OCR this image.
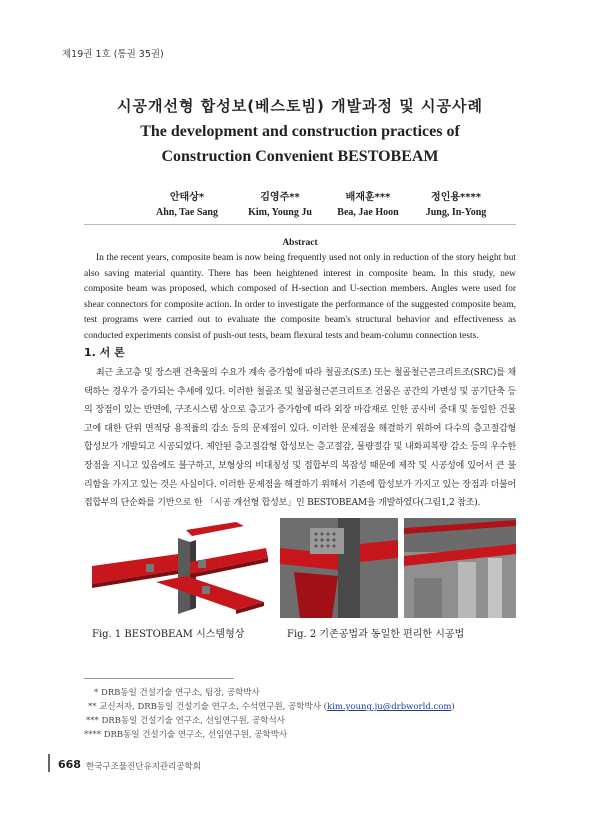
제19권 1호 (통권 35권)
시공개선형 합성보(베스토빔) 개발과정 및 시공사례
The development and construction practices of
Construction Convenient BESTOBEAM
안태상*
Ahn, Tae Sang
김영주**
Kim, Young Ju
배재훈***
Bea, Jae Hoon
정인용****
Jung, In-Yong
Abstract
In the recent years, composite beam is now being frequently used not only in reduction of the story height but also saving material quantity. There has been heightened interest in composite beam. In this study, new composite beam was proposed, which composed of H-section and U-section members. Angles were used for shear connectors for composite action. In order to investigate the performance of the suggested composite beam, test programs were carried out to evaluate the composite beam's structural behavior and effectiveness as conducted experiments consist of push-out tests, beam flexural tests and beam-column connection tests.
1. 서 론
최근 초고층 및 장스팬 건축물의 수요가 계속 증가함에 따라 철골조(S조) 또는 철골철근콘크리트조(SRC)를 채택하는 경우가 증가되는 추세에 있다. 이러한 철골조 및 철골철근콘크리트조 건물은 공간의 가변성 및 공기단축 등의 장점이 있는 반면에, 구조시스템 상으로 층고가 증가함에 따라 외장 마감재로 인한 공사비 증대 및 동일한 건물고에 대한 단위 면적당 용적률의 감소 등의 문제점이 있다. 이러한 문제점을 해결하기 위하여 다수의 층고절감형 합성보가 개발되고 시공되었다. 제안된 층고절감형 합성보는 층고절감, 물량절감 및 내화피복량 감소 등의 우수한 장점을 지니고 있음에도 불구하고, 보형상의 비대칭성 및 접합부의 복잡성 때문에 제작 및 시공성에 있어서 큰 불리함을 가지고 있는 것은 사실이다. 이러한 문제점을 해결하기 위해서 기존에 합성보가 가지고 있는 장점과 더불어 접합부의 단순화를 기반으로 한 「시공 개선형 합성보」인 BESTOBEAM을 개발하였다(그림1,2 참조).
Fig. 1 BESTOBEAM 시스템형상	Fig. 2 기존공법과 동일한 편리한 시공법
* DRB동일 건설기술 연구소, 팀장, 공학박사
** 교신저자, DRB동일 건설기술 연구소, 수석연구원, 공학박사 (kim.young.ju@drbworld.com)
*** DRB동일 건설기술 연구소, 선임연구원, 공학석사
**** DRB동일 건설기술 연구소, 선임연구원, 공학박사
668 한국구조물진단유지관리공학회
